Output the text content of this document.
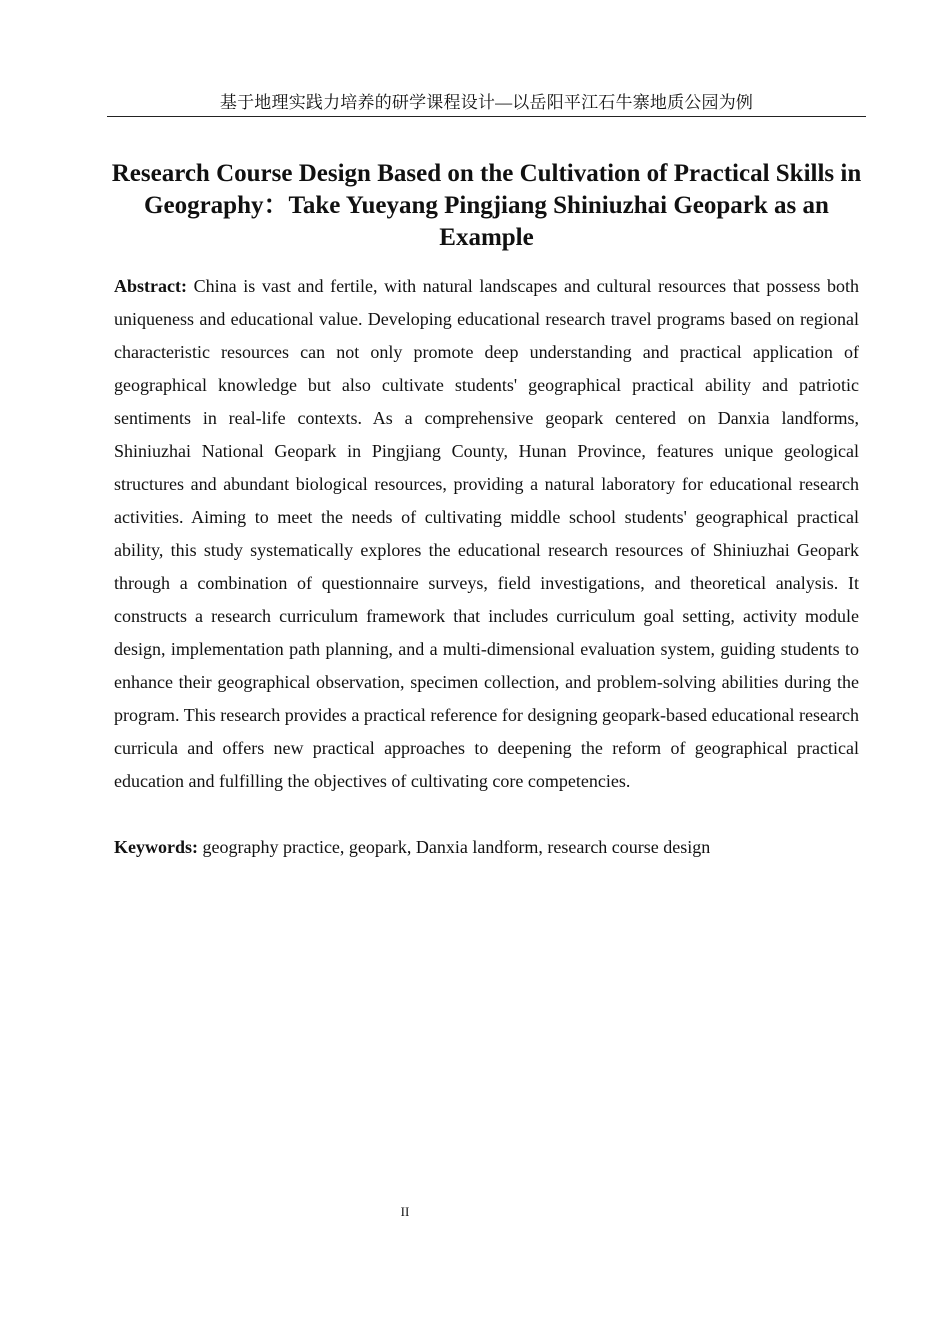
基于地理实践力培养的研学课程设计—以岳阳平江石牛寨地质公园为例
Research Course Design Based on the Cultivation of Practical Skills in Geography：Take Yueyang Pingjiang Shiniuzhai Geopark as an Example

Abstract: China is vast and fertile, with natural landscapes and cultural resources that possess both uniqueness and educational value. Developing educational research travel programs based on regional characteristic resources can not only promote deep understanding and practical application of geographical knowledge but also cultivate students' geographical practical ability and patriotic sentiments in real-life contexts. As a comprehensive geopark centered on Danxia landforms, Shiniuzhai National Geopark in Pingjiang County, Hunan Province, features unique geological structures and abundant biological resources, providing a natural laboratory for educational research activities. Aiming to meet the needs of cultivating middle school students' geographical practical ability, this study systematically explores the educational research resources of Shiniuzhai Geopark through a combination of questionnaire surveys, field investigations, and theoretical analysis. It constructs a research curriculum framework that includes curriculum goal setting, activity module design, implementation path planning, and a multi-dimensional evaluation system, guiding students to enhance their geographical observation, specimen collection, and problem-solving abilities during the program. This research provides a practical reference for designing geopark-based educational research curricula and offers new practical approaches to deepening the reform of geographical practical education and fulfilling the objectives of cultivating core competencies.

Keywords: geography practice, geopark, Danxia landform, research course design

II
